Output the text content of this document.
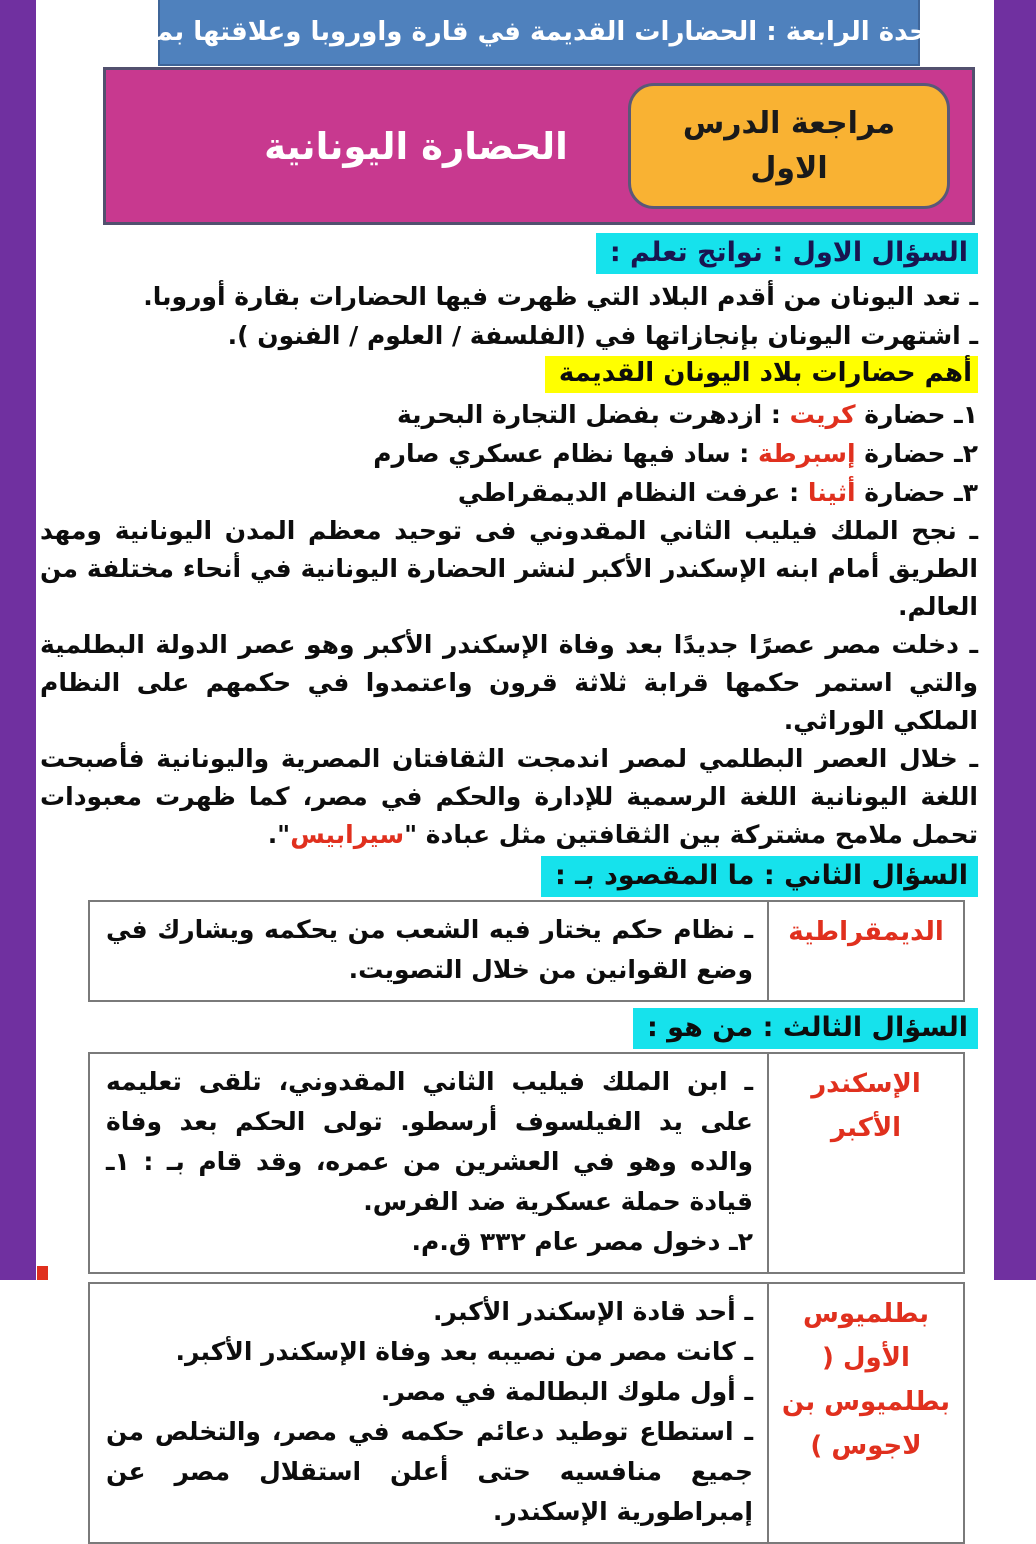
الوحدة الرابعة : الحضارات القديمة في قارة واوروبا وعلاقتها بمصر
الحضارة اليونانية
مراجعة الدرس
الاول
السؤال الاول : نواتج تعلم :
ـ تعد اليونان من أقدم البلاد التي ظهرت فيها الحضارات بقارة أوروبا.
ـ اشتهرت اليونان بإنجازاتها في (الفلسفة / العلوم / الفنون ).
أهم حضارات بلاد اليونان القديمة
١ـ حضارة كريت : ازدهرت بفضل التجارة البحرية
٢ـ حضارة إسبرطة : ساد فيها نظام عسكري صارم
٣ـ حضارة أثينا : عرفت النظام الديمقراطي

ـ نجح الملك فيليب الثاني المقدوني فى توحيد معظم المدن اليونانية ومهد الطريق أمام ابنه الإسكندر الأكبر لنشر الحضارة اليونانية في أنحاء مختلفة من العالم.

ـ دخلت مصر عصرًا جديدًا بعد وفاة الإسكندر الأكبر وهو عصر الدولة البطلمية والتي استمر حكمها قرابة ثلاثة قرون واعتمدوا في حكمهم على النظام الملكي الوراثي.

ـ خلال العصر البطلمي لمصر اندمجت الثقافتان المصرية واليونانية فأصبحت اللغة اليونانية اللغة الرسمية للإدارة والحكم في مصر، كما ظهرت معبودات تحمل ملامح مشتركة بين الثقافتين مثل عبادة "سيرابيس".

السؤال الثاني : ما المقصود بـ :
الديمقراطية

ـ نظام حكم يختار فيه الشعب من يحكمه ويشارك في وضع القوانين من خلال التصويت.

السؤال الثالث : من هو :
الإسكندر الأكبر

ـ ابن الملك فيليب الثاني المقدوني، تلقى تعليمه على يد الفيلسوف أرسطو. تولى الحكم بعد وفاة والده وهو في العشرين من عمره، وقد قام بـ : ١ـ قيادة حملة عسكرية ضد الفرس.

٢ـ دخول مصر عام ٣٣٢ ق.م.

بطلميوس الأول ( بطلميوس بن لاجوس )

ـ أحد قادة الإسكندر الأكبر.

ـ كانت مصر من نصيبه بعد وفاة الإسكندر الأكبر.

ـ أول ملوك البطالمة في مصر.

ـ استطاع توطيد دعائم حكمه في مصر، والتخلص من جميع منافسيه حتى أعلن استقلال مصر عن إمبراطورية الإسكندر.
